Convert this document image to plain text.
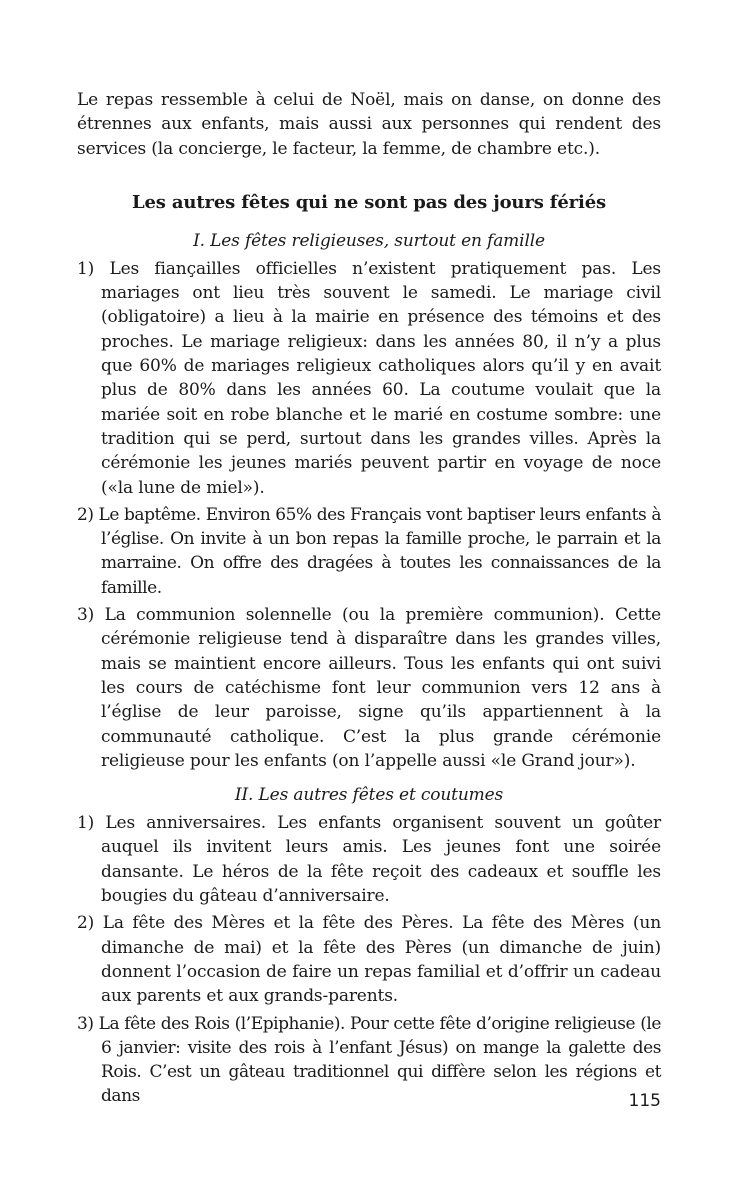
Le repas ressemble à celui de Noël, mais on danse, on donne des étrennes aux enfants, mais aussi aux personnes qui rendent des services (la concierge, le facteur, la femme, de chambre etc.).

Les autres fêtes qui ne sont pas des jours fériés
I. Les fêtes religieuses, surtout en famille
1) Les fiançailles officielles n’existent pratiquement pas. Les mariages ont lieu très souvent le samedi. Le mariage civil (obligatoire) a lieu à la mairie en présence des témoins et des proches. Le mariage religieux: dans les années 80, il n’y a plus que 60% de mariages religieux catholiques alors qu’il y en avait plus de 80% dans les années 60. La coutume voulait que la mariée soit en robe blanche et le marié en costume sombre: une tradition qui se perd, surtout dans les grandes villes. Après la cérémonie les jeunes mariés peuvent partir en voyage de noce («la lune de miel»).
2) Le baptême. Environ 65% des Français vont baptiser leurs enfants à l’église. On invite à un bon repas la famille proche, le parrain et la marraine. On offre des dragées à toutes les connaissances de la famille.
3) La communion solennelle (ou la première communion). Cette cérémonie religieuse tend à disparaître dans les grandes villes, mais se maintient encore ailleurs. Tous les enfants qui ont suivi les cours de catéchisme font leur communion vers 12 ans à l’église de leur paroisse, signe qu’ils appartiennent à la communauté catholique. C’est la plus grande cérémonie religieuse pour les enfants (on l’appelle aussi «le Grand jour»).
II. Les autres fêtes et coutumes
1) Les anniversaires. Les enfants organisent souvent un goûter auquel ils invitent leurs amis. Les jeunes font une soirée dansante. Le héros de la fête reçoit des cadeaux et souffle les bougies du gâteau d’anniversaire.
2) La fête des Mères et la fête des Pères. La fête des Mères (un dimanche de mai) et la fête des Pères (un dimanche de juin) donnent l’occasion de faire un repas familial et d’offrir un cadeau aux parents et aux grands-parents.
3) La fête des Rois (l’Epiphanie). Pour cette fête d’origine religieuse (le 6 janvier: visite des rois à l’enfant Jésus) on mange la galette des Rois. C’est un gâteau traditionnel qui diffère selon les régions et dans	115
